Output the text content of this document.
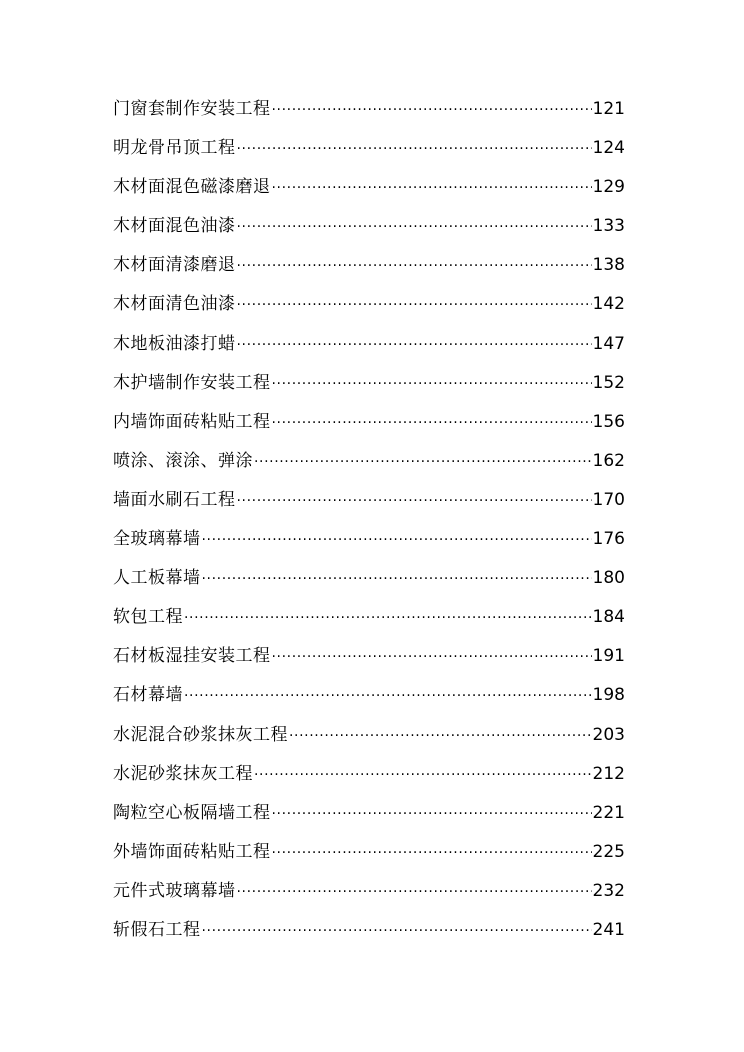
门窗套制作安装工程 ·····	121
明龙骨吊顶工程 ·····	124
木材面混色磁漆磨退 ·····	129
木材面混色油漆 ·····	133
木材面清漆磨退 ·····	138
木材面清色油漆 ·····	142
木地板油漆打蜡 ·····	147
木护墙制作安装工程 ·····	152
内墙饰面砖粘贴工程 ·····	156
喷涂、滚涂、弹涂 ·····	162
墙面水刷石工程 ·····	170
全玻璃幕墙 ·····	176
人工板幕墙 ·····	180
软包工程 ·····	184
石材板湿挂安装工程 ·····	191
石材幕墙 ·····	198
水泥混合砂浆抹灰工程 ·····	203
水泥砂浆抹灰工程 ·····	212
陶粒空心板隔墙工程 ·····	221
外墙饰面砖粘贴工程 ·····	225
元件式玻璃幕墙 ·····	232
斩假石工程 ·····	241
